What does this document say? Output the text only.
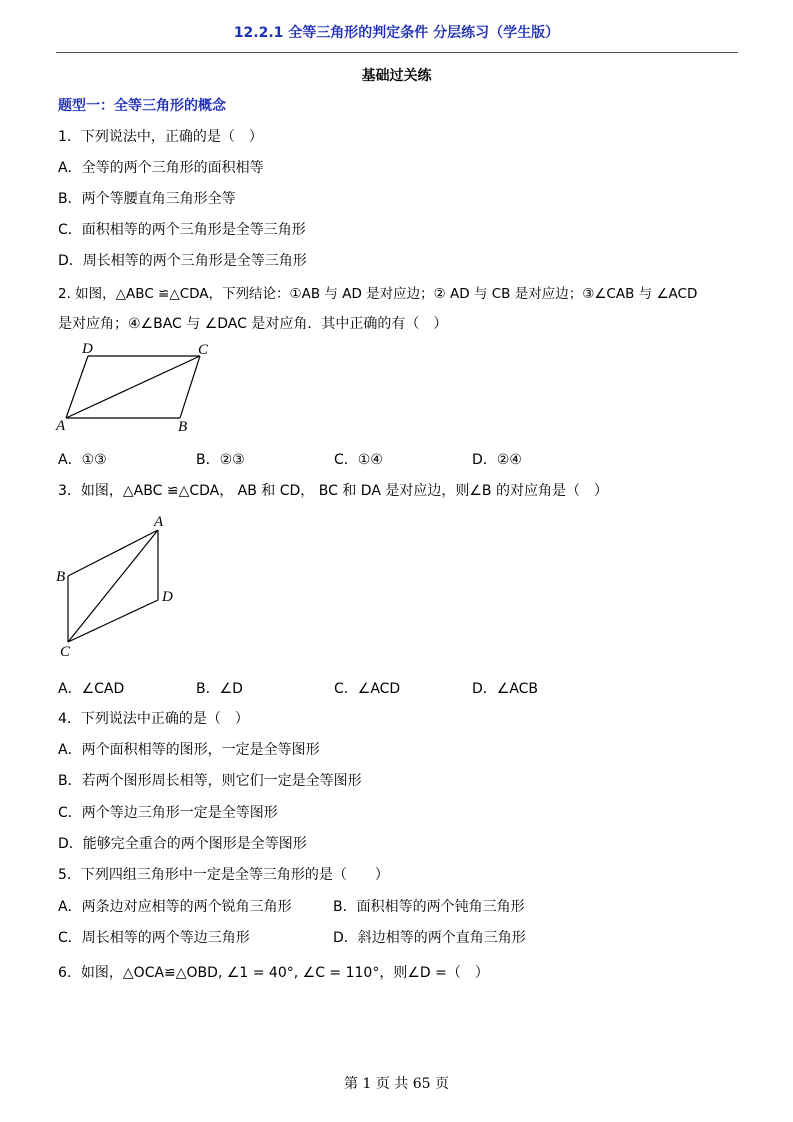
12.2.1 全等三角形的判定条件 分层练习（学生版）
基础过关练
题型一：全等三角形的概念
1．下列说法中，正确的是（　）
A．全等的两个三角形的面积相等
B．两个等腰直角三角形全等
C．面积相等的两个三角形是全等三角形
D．周长相等的两个三角形是全等三角形
2. 如图，△ABC ≌△CDA，下列结论：①AB 与 AD 是对应边；② AD 与 CB 是对应边；③∠CAB 与 ∠ACD
是对应角；④∠BAC 与 ∠DAC 是对应角．其中正确的有（　）
D	C
A	B
A．①③	B．②③	C．①④	D．②④
3．如图，△ABC ≌△CDA， AB 和 CD， BC 和 DA 是对应边，则∠B 的对应角是（　）
A
B
D
C
A．∠CAD	B．∠D	C．∠ACD	D．∠ACB
4．下列说法中正确的是（　）
A．两个面积相等的图形，一定是全等图形
B．若两个图形周长相等，则它们一定是全等图形
C．两个等边三角形一定是全等图形
D．能够完全重合的两个图形是全等图形
5．下列四组三角形中一定是全等三角形的是（　　）
A．两条边对应相等的两个锐角三角形	B．面积相等的两个钝角三角形
C．周长相等的两个等边三角形	D．斜边相等的两个直角三角形
6．如图，△OCA≌△OBD, ∠1 = 40°, ∠C = 110°，则∠D =（　）
第 1 页 共 65 页
